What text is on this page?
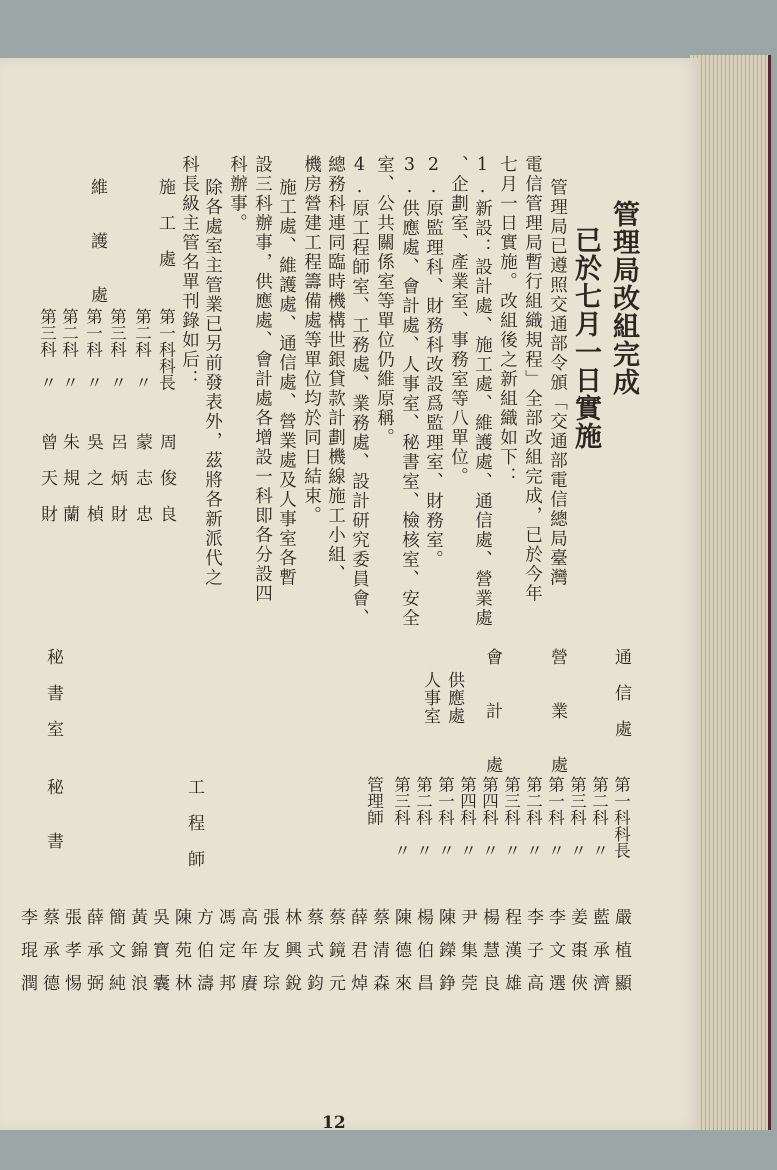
管理局改組完成
已於七月一日實施
管理局已遵照交通部令頒「交通部電信總局臺灣
電信管理局暫行組織規程」全部改組完成，已於今年
七月一日實施。改組後之新組織如下：
1.新設：設計處、施工處、維護處、通信處、營業處
、企劃室、產業室、事務室等八單位。
2.原監理科、財務科改設爲監理室、財務室。
3.供應處、會計處、人事室、秘書室、檢核室、安全
室、公共關係室等單位仍維原稱。
4.原工程師室、工務處、業務處、設計研究委員會、
總務科連同臨時機構世銀貸款計劃機線施工小組、
機房營建工程籌備處等單位均於同日結束。
施工處、維護處、通信處、營業處及人事室各暫
設三科辦事，供應處、會計處各增設一科即各分設四
科辦事。
除各處室主管業已另前發表外，茲將各新派代之
科長級主管名單刊錄如后：
施　工　處
維　　護　　處
第一科科長
第二科　〃
第三科　〃
第一科　〃
第二科　〃
第三科　〃
周　俊　良
蒙　志　忠
呂　炳　財
吳　之　楨
朱　規　蘭
曾　天　財
通　信　處
營　　業　　處
會　　計　　處
供應處
人事室
秘　書　室
工　程　師
秘　　書	第一科科長
第二科　〃
第三科　〃
第一科　〃
第二科　〃
第三科　〃
第四科　〃
第四科　〃
第一科　〃
第二科　〃
第三科　〃
管理師
嚴植顯
藍承濟
姜棗俠
李文選
李子高
程漢雄
楊慧良
尹集莞
陳鑅錚
楊伯昌
陳德來
蔡清森
薛君焯
蔡鏡元
蔡式鈞
林興銳
張友琮
高年賡
馮定邦
方伯濤
陳苑林
吳寶囊
黃錦浪
簡文純
薛承弼
張孝惕
蔡承德
李琨潤
12
